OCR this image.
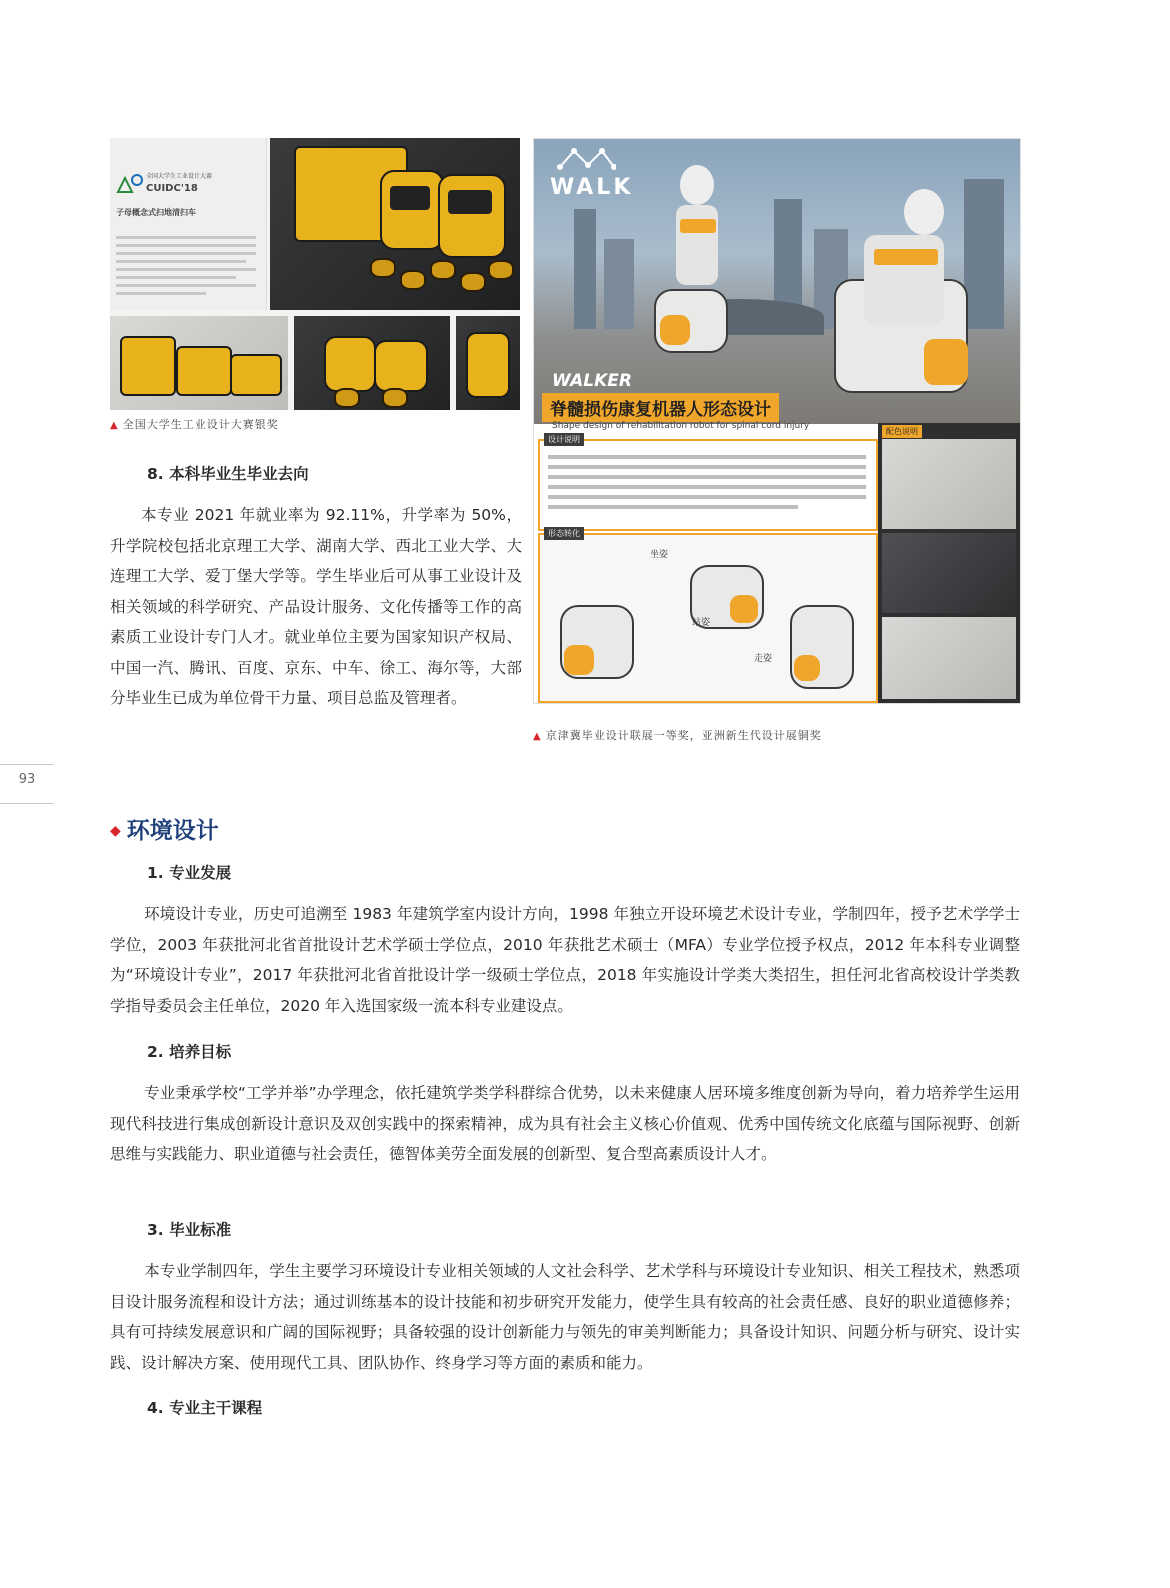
全国大学生工业设计大赛
CUIDC'18
子母概念式扫地清扫车
▲ 全国大学生工业设计大赛银奖
WALK
WALKER
脊髓损伤康复机器人形态设计
Shape design of rehabilitation robot for spinal cord injury
设计说明
形态转化
坐姿
站姿
走姿
配色说明
▲ 京津冀毕业设计联展一等奖，亚洲新生代设计展铜奖
8. 本科毕业生毕业去向
本专业 2021 年就业率为 92.11%，升学率为 50%，升学院校包括北京理工大学、湖南大学、西北工业大学、大连理工大学、爱丁堡大学等。学生毕业后可从事工业设计及相关领域的科学研究、产品设计服务、文化传播等工作的高素质工业设计专门人才。就业单位主要为国家知识产权局、中国一汽、腾讯、百度、京东、中车、徐工、海尔等，大部分毕业生已成为单位骨干力量、项目总监及管理者。
93
◆ 环境设计
1. 专业发展
环境设计专业，历史可追溯至 1983 年建筑学室内设计方向，1998 年独立开设环境艺术设计专业，学制四年，授予艺术学学士学位，2003 年获批河北省首批设计艺术学硕士学位点，2010 年获批艺术硕士（MFA）专业学位授予权点，2012 年本科专业调整为“环境设计专业”，2017 年获批河北省首批设计学一级硕士学位点，2018 年实施设计学类大类招生，担任河北省高校设计学类教学指导委员会主任单位，2020 年入选国家级一流本科专业建设点。
2. 培养目标
专业秉承学校“工学并举”办学理念，依托建筑学类学科群综合优势，以未来健康人居环境多维度创新为导向，着力培养学生运用现代科技进行集成创新设计意识及双创实践中的探索精神，成为具有社会主义核心价值观、优秀中国传统文化底蕴与国际视野、创新思维与实践能力、职业道德与社会责任，德智体美劳全面发展的创新型、复合型高素质设计人才。
3. 毕业标准
本专业学制四年，学生主要学习环境设计专业相关领域的人文社会科学、艺术学科与环境设计专业知识、相关工程技术，熟悉项目设计服务流程和设计方法；通过训练基本的设计技能和初步研究开发能力，使学生具有较高的社会责任感、良好的职业道德修养；具有可持续发展意识和广阔的国际视野；具备较强的设计创新能力与领先的审美判断能力；具备设计知识、问题分析与研究、设计实践、设计解决方案、使用现代工具、团队协作、终身学习等方面的素质和能力。
4. 专业主干课程
